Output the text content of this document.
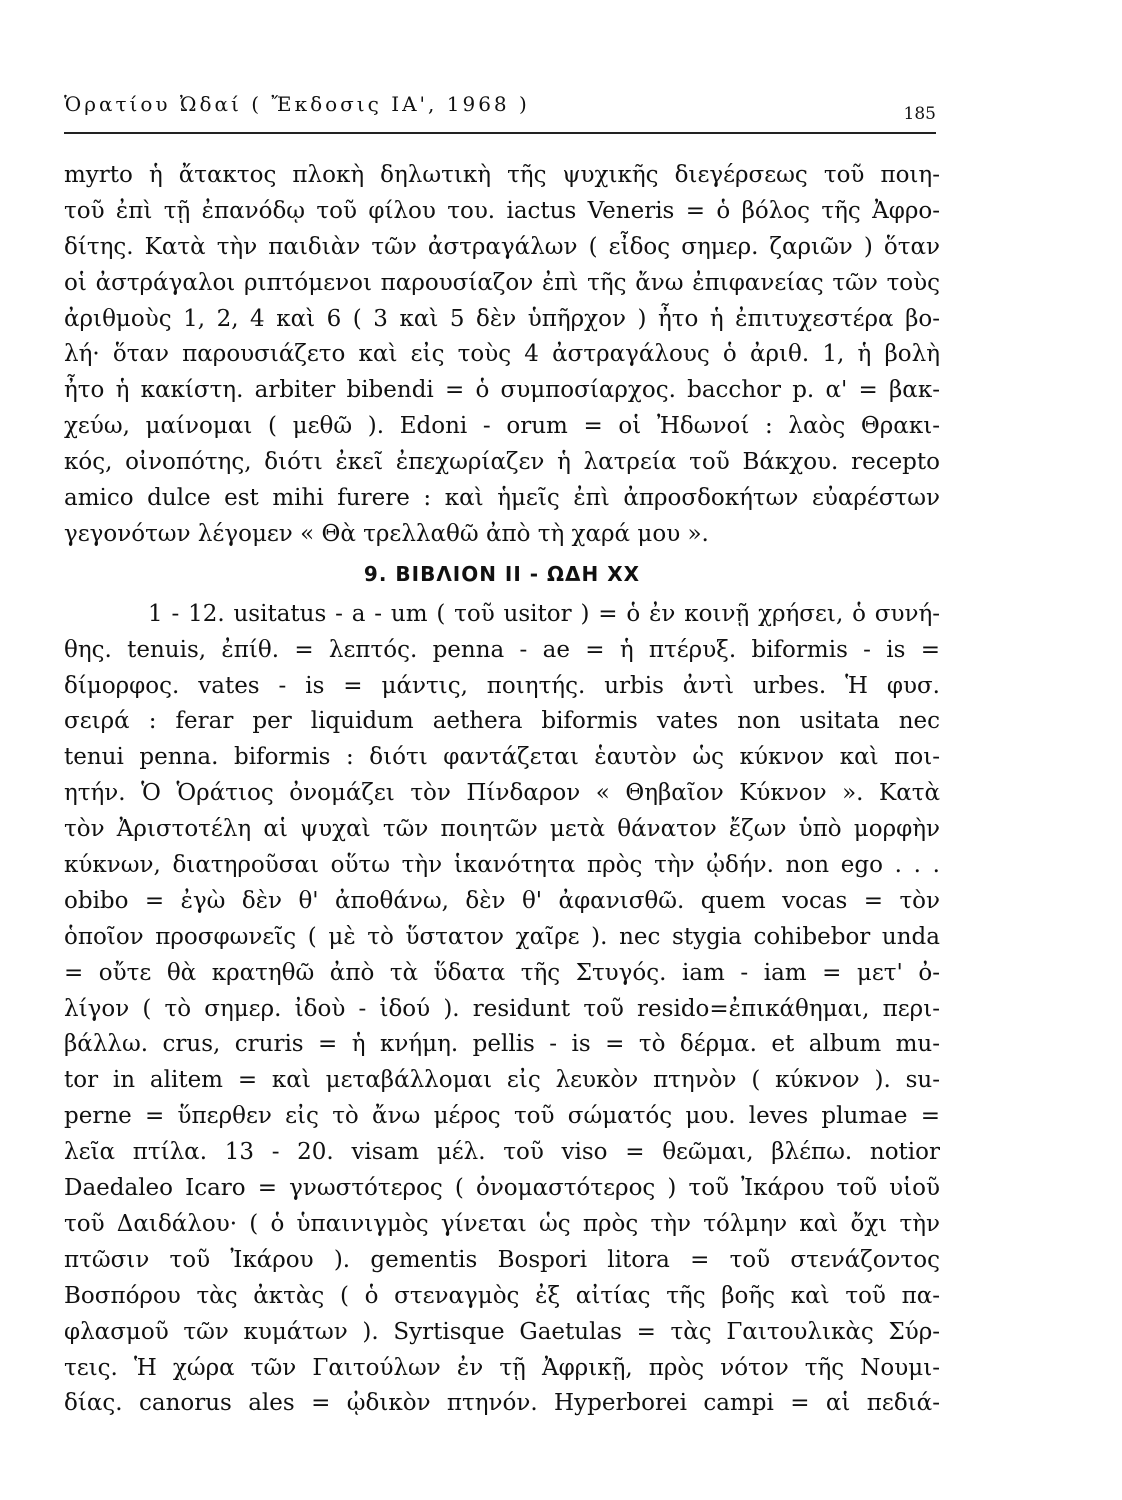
Ὁρατίου Ὠδαί ( Ἔκδοσις ΙΑ', 1968 )	185
myrto ἡ ἄτακτος πλοκὴ δηλωτικὴ τῆς ψυχικῆς διεγέρσεως τοῦ ποιη-
τοῦ ἐπὶ τῇ ἐπανόδῳ τοῦ φίλου του. iactus Veneris = ὁ βόλος τῆς Ἀφρο-
δίτης. Κατὰ τὴν παιδιὰν τῶν ἀστραγάλων ( εἶδος σημερ. ζαριῶν ) ὅταν
οἱ ἀστράγαλοι ριπτόμενοι παρουσίαζον ἐπὶ τῆς ἄνω ἐπιφανείας τῶν τοὺς
ἀριθμοὺς 1, 2, 4 καὶ 6 ( 3 καὶ 5 δὲν ὑπῆρχον ) ἦτο ἡ ἐπιτυχεστέρα βο-
λή· ὅταν παρουσιάζετο καὶ εἰς τοὺς 4 ἀστραγάλους ὁ ἀριθ. 1, ἡ βολὴ
ἦτο ἡ κακίστη. arbiter bibendi = ὁ συμποσίαρχος. bacchor p. α' = βακ-
χεύω, μαίνομαι ( μεθῶ ). Edoni - orum = οἱ Ἠδωνοί : λαὸς Θρακι-
κός, οἰνοπότης, διότι ἐκεῖ ἐπεχωρίαζεν ἡ λατρεία τοῦ Βάκχου. recepto
amico dulce est mihi furere : καὶ ἡμεῖς ἐπὶ ἀπροσδοκήτων εὐαρέστων
γεγονότων λέγομεν « Θὰ τρελλαθῶ ἀπὸ τὴ χαρά μου ».
9. ΒΙΒΛΙΟΝ II - ΩΔΗ XX
1 - 12. usitatus - a - um ( τοῦ usitor ) = ὁ ἐν κοινῇ χρήσει, ὁ συνή-
θης. tenuis, ἐπίθ. = λεπτός. penna - ae = ἡ πτέρυξ. biformis - is =
δίμορφος. vates - is = μάντις, ποιητής. urbis ἀντὶ urbes. Ἡ φυσ.
σειρά : ferar per liquidum aethera biformis vates non usitata nec
tenui penna. biformis : διότι φαντάζεται ἑαυτὸν ὡς κύκνον καὶ ποι-
ητήν. Ὁ Ὁράτιος ὀνομάζει τὸν Πίνδαρον « Θηβαῖον Κύκνον ». Κατὰ
τὸν Ἀριστοτέλη αἱ ψυχαὶ τῶν ποιητῶν μετὰ θάνατον ἔζων ὑπὸ μορφὴν
κύκνων, διατηροῦσαι οὕτω τὴν ἱκανότητα πρὸς τὴν ᾠδήν. non ego . . .
obibo = ἐγὼ δὲν θ' ἀποθάνω, δὲν θ' ἀφανισθῶ. quem vocas = τὸν
ὁποῖον προσφωνεῖς ( μὲ τὸ ὕστατον χαῖρε ). nec stygia cohibebor unda
= οὔτε θὰ κρατηθῶ ἀπὸ τὰ ὕδατα τῆς Στυγός. iam - iam = μετ' ὀ-
λίγον ( τὸ σημερ. ἰδοὺ - ἰδού ). residunt τοῦ resido=ἐπικάθημαι, περι-
βάλλω. crus, cruris = ἡ κνήμη. pellis - is = τὸ δέρμα. et album mu-
tor in alitem = καὶ μεταβάλλομαι εἰς λευκὸν πτηνὸν ( κύκνον ). su-
perne = ὕπερθεν εἰς τὸ ἄνω μέρος τοῦ σώματός μου. leves plumae =
λεῖα πτίλα. 13 - 20. visam μέλ. τοῦ viso = θεῶμαι, βλέπω. notior
Daedaleo Icaro = γνωστότερος ( ὀνομαστότερος ) τοῦ Ἰκάρου τοῦ υἱοῦ
τοῦ Δαιδάλου· ( ὁ ὑπαινιγμὸς γίνεται ὡς πρὸς τὴν τόλμην καὶ ὄχι τὴν
πτῶσιν τοῦ Ἰκάρου ). gementis Bospori litora = τοῦ στενάζοντος
Βοσπόρου τὰς ἀκτὰς ( ὁ στεναγμὸς ἐξ αἰτίας τῆς βοῆς καὶ τοῦ πα-
φλασμοῦ τῶν κυμάτων ). Syrtisque Gaetulas = τὰς Γαιτουλικὰς Σύρ-
τεις. Ἡ χώρα τῶν Γαιτούλων ἐν τῇ Ἀφρικῇ, πρὸς νότον τῆς Νουμι-
δίας. canorus ales = ᾠδικὸν πτηνόν. Hyperborei campi = αἱ πεδιά-
